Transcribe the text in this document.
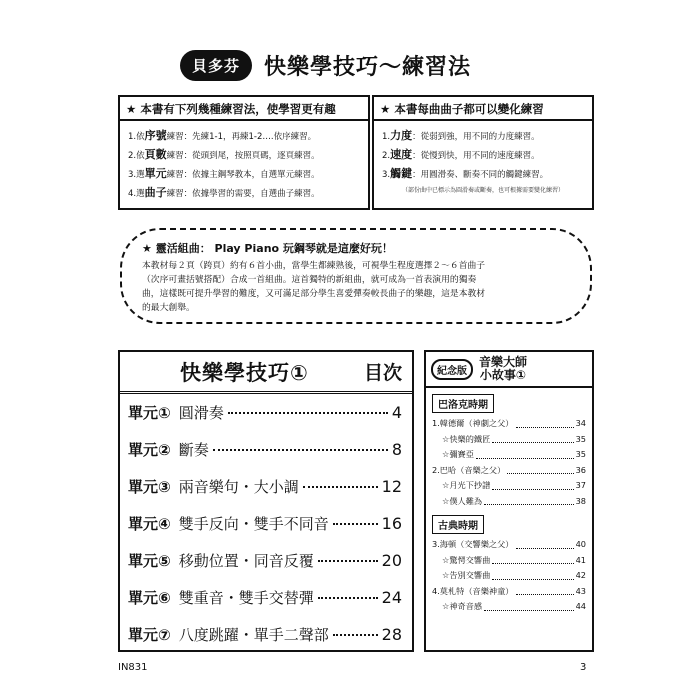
貝多芬	快樂學技巧～練習法
★ 本書有下列幾種練習法，使學習更有趣
1.依序號練習：先練1-1，再練1-2….依序練習。
2.依頁數練習：從頭到尾，按照頁碼，逐頁練習。
3.選單元練習：依據主鋼琴教本，自選單元練習。
4.選曲子練習：依據學習的需要，自選曲子練習。
★ 本書每曲曲子都可以變化練習
1.力度：從弱到強，用不同的力度練習。
2.速度：從慢到快，用不同的速度練習。
3.觸鍵：用圓滑奏、斷奏不同的觸鍵練習。
（部份曲中已標示為圓滑奏或斷奏，也可根據需要變化練習）
★ 靈活組曲： Play Piano 玩鋼琴就是這麼好玩！
本教材每２頁（跨頁）約有６首小曲，當學生都練熟後，可視學生程度選擇２～６首曲子（次序可畫括號搭配）合成一首組曲。這首獨特的新組曲，就可成為一首表演用的獨奏曲，這樣既可提升學習的難度，又可滿足部分學生喜愛彈奏較長曲子的樂趣，這是本教材的最大創舉。
快樂學技巧①	目次
單元① 圓滑奏	4
單元② 斷奏	8
單元③ 兩音樂句・大小調	12
單元④ 雙手反向・雙手不同音	16
單元⑤ 移動位置・同音反覆	20
單元⑥ 雙重音・雙手交替彈	24
單元⑦ 八度跳躍・單手二聲部	28
紀念版
音樂大師
小故事①
巴洛克時期
1.韓德爾（神劇之父）	34
☆快樂的鐵匠	35
☆彌賽亞	35
2.巴哈（音樂之父）	36
☆月光下抄譜	37
☆僕人難為	38
古典時期
3.海頓（交響樂之父）	40
☆驚愕交響曲	41
☆告別交響曲	42
4.莫札特（音樂神童）	43
☆神奇音感	44
IN831	3
